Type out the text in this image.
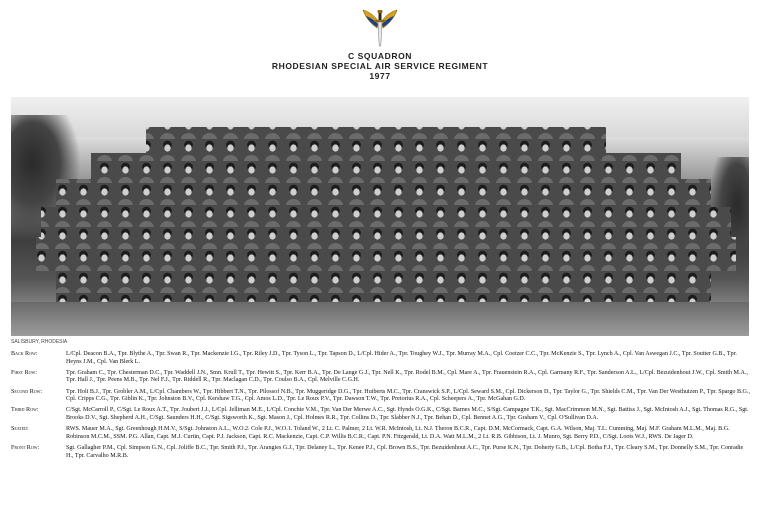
C SQUADRON
RHODESIAN SPECIAL AIR SERVICE REGIMENT
1977
SALISBURY, RHODESIA
Back Row:	L/Cpl. Deacon B.A., Tpr. Blythe A., Tpr. Swan R., Tpr. Mackenzie I.G., Tpr. Riley J.D., Tpr. Tyson L., Tpr. Tapson D., L/Cpl. Hider A., Tpr. Toughey W.J., Tpr. Murray M.A., Cpl. Coetzer C.C., Tpr. McKenzie S., Tpr. Lynch A., Cpl. Van Aswegan J.C., Tpr. Soutter G.B., Tpr. Heyns J.M., Cpl. Van Blerk L.
First Row:	Tpr. Graham C., Tpr. Chesterman D.C., Tpr. Waddell J.N., Smn. Krull T., Tpr. Hewitt S., Tpr. Kerr B.A., Tpr. De Lange G.J., Tpr. Nell K., Tpr. Rodel B.M., Cpl. Mare A., Tpr. Frauenstein R.A., Cpl. Garmany R.F., Tpr. Sanderson A.L., L/Cpl. Bezuidenhout J.W., Cpl. Smith M.A., Tpr. Hall J., Tpr. Peens M.B., Tpr. Nel F.J., Tpr. Riddell R., Tpr. Maclagan C.D., Tpr. Coulso B.A., Cpl. Melville C.G.H.
Second Row:	Tpr. Holt B.J., Tpr. Grobler A.M., L/Cpl. Chambers W., Tpr. Hibbert T.N., Tpr. Pilossof N.B., Tpr. Muggeridge D.G., Tpr. Huiberts M.C., Tpr. Cranswick S.P., L/Cpl. Seward S.M., Cpl. Dickerson D., Tpr. Taylor G., Tpr. Shields C.M., Tpr. Van Der Westhuizen P., Tpr. Spargo B.G., Cpl. Cripps C.G., Tpr. Giblin K., Tpr. Johnston B.V., Cpl. Kershaw T.G., Cpl. Amos L.D., Tpr. Le Roux P.V., Tpr. Dawson T.W., Tpr. Pretorius R.A., Cpl. Scheepers A., Tpr. McGahan G.D.
Third Row:	C/Sgt. McCarroll P., C/Sgt. Le Roux A.T., Tpr. Joubert J.J., L/Cpl. Jelliman M.E., L/Cpl. Conchie V.M., Tpr. Van Der Merwe A.C., Sgt. Hynds O.G.K., C/Sgt. Barnes M.C., S/Sgt. Campagne T.K., Sgt. MacCrimmon M.N., Sgt. Battiss J., Sgt. McIntosh A.J., Sgt. Thomas R.G., Sgt. Brooks D.V., Sgt. Shepherd A.H., C/Sgt. Saunders H.H., C/Sgt. Sigsworth K., Sgt. Mason J., Cpl. Holmes R.R., Tpr. Collins D., Tpr. Slabber N.J., Tpr. Behan D., Cpl. Bennet A.G., Tpr. Graham V., Cpl. O'Sullivan D.A.
Seated:	RWS. Mauer M.A., Sgt. Greenhough H.M.V., S/Sgt. Johnston A.L., W.O.2. Cole P.J., W.O.1. Toland W., 2 Lt. C. Palmer, 2 Lt. W.R. McIntosh, Lt. N.J. Theron B.C.R., Capt. D.M. McCormack, Capt. G.A. Wilson, Maj. T.L. Cumming, Maj. M.F. Graham M.L.M., Maj. B.G. Robinson M.C.M., SSM. P.G. Allan, Capt. M.J. Curtin, Capt. P.J. Jackson, Capt. R.C. Mackenzie, Capt. C.P. Willis B.C.R., Capt. P.N. Fitzgerald, Lt. D.A. Watt M.L.M., 2 Lt. R.B. Gibbison, Lt. J. Munro, Sgt. Berry P.D., C/Sgt. Loots W.J., RWS. De Jager D.
Front Row:	Sgt. Gallagher P.M., Cpl. Simpson G.N., Cpl. Joliffe B.C., Tpr. Smith P.J., Tpr. Arangies G.J., Tpr. Delaney L., Tpr. Kenee P.J., Cpl. Brown B.S., Tpr. Bezuidenhout A.C., Tpr. Purse K.N., Tpr. Doherty G.B., L/Cpl. Botha F.J., Tpr. Cleary S.M., Tpr. Donnelly S.M., Tpr. Conradie H., Tpr. Carvalho M.R.B.
